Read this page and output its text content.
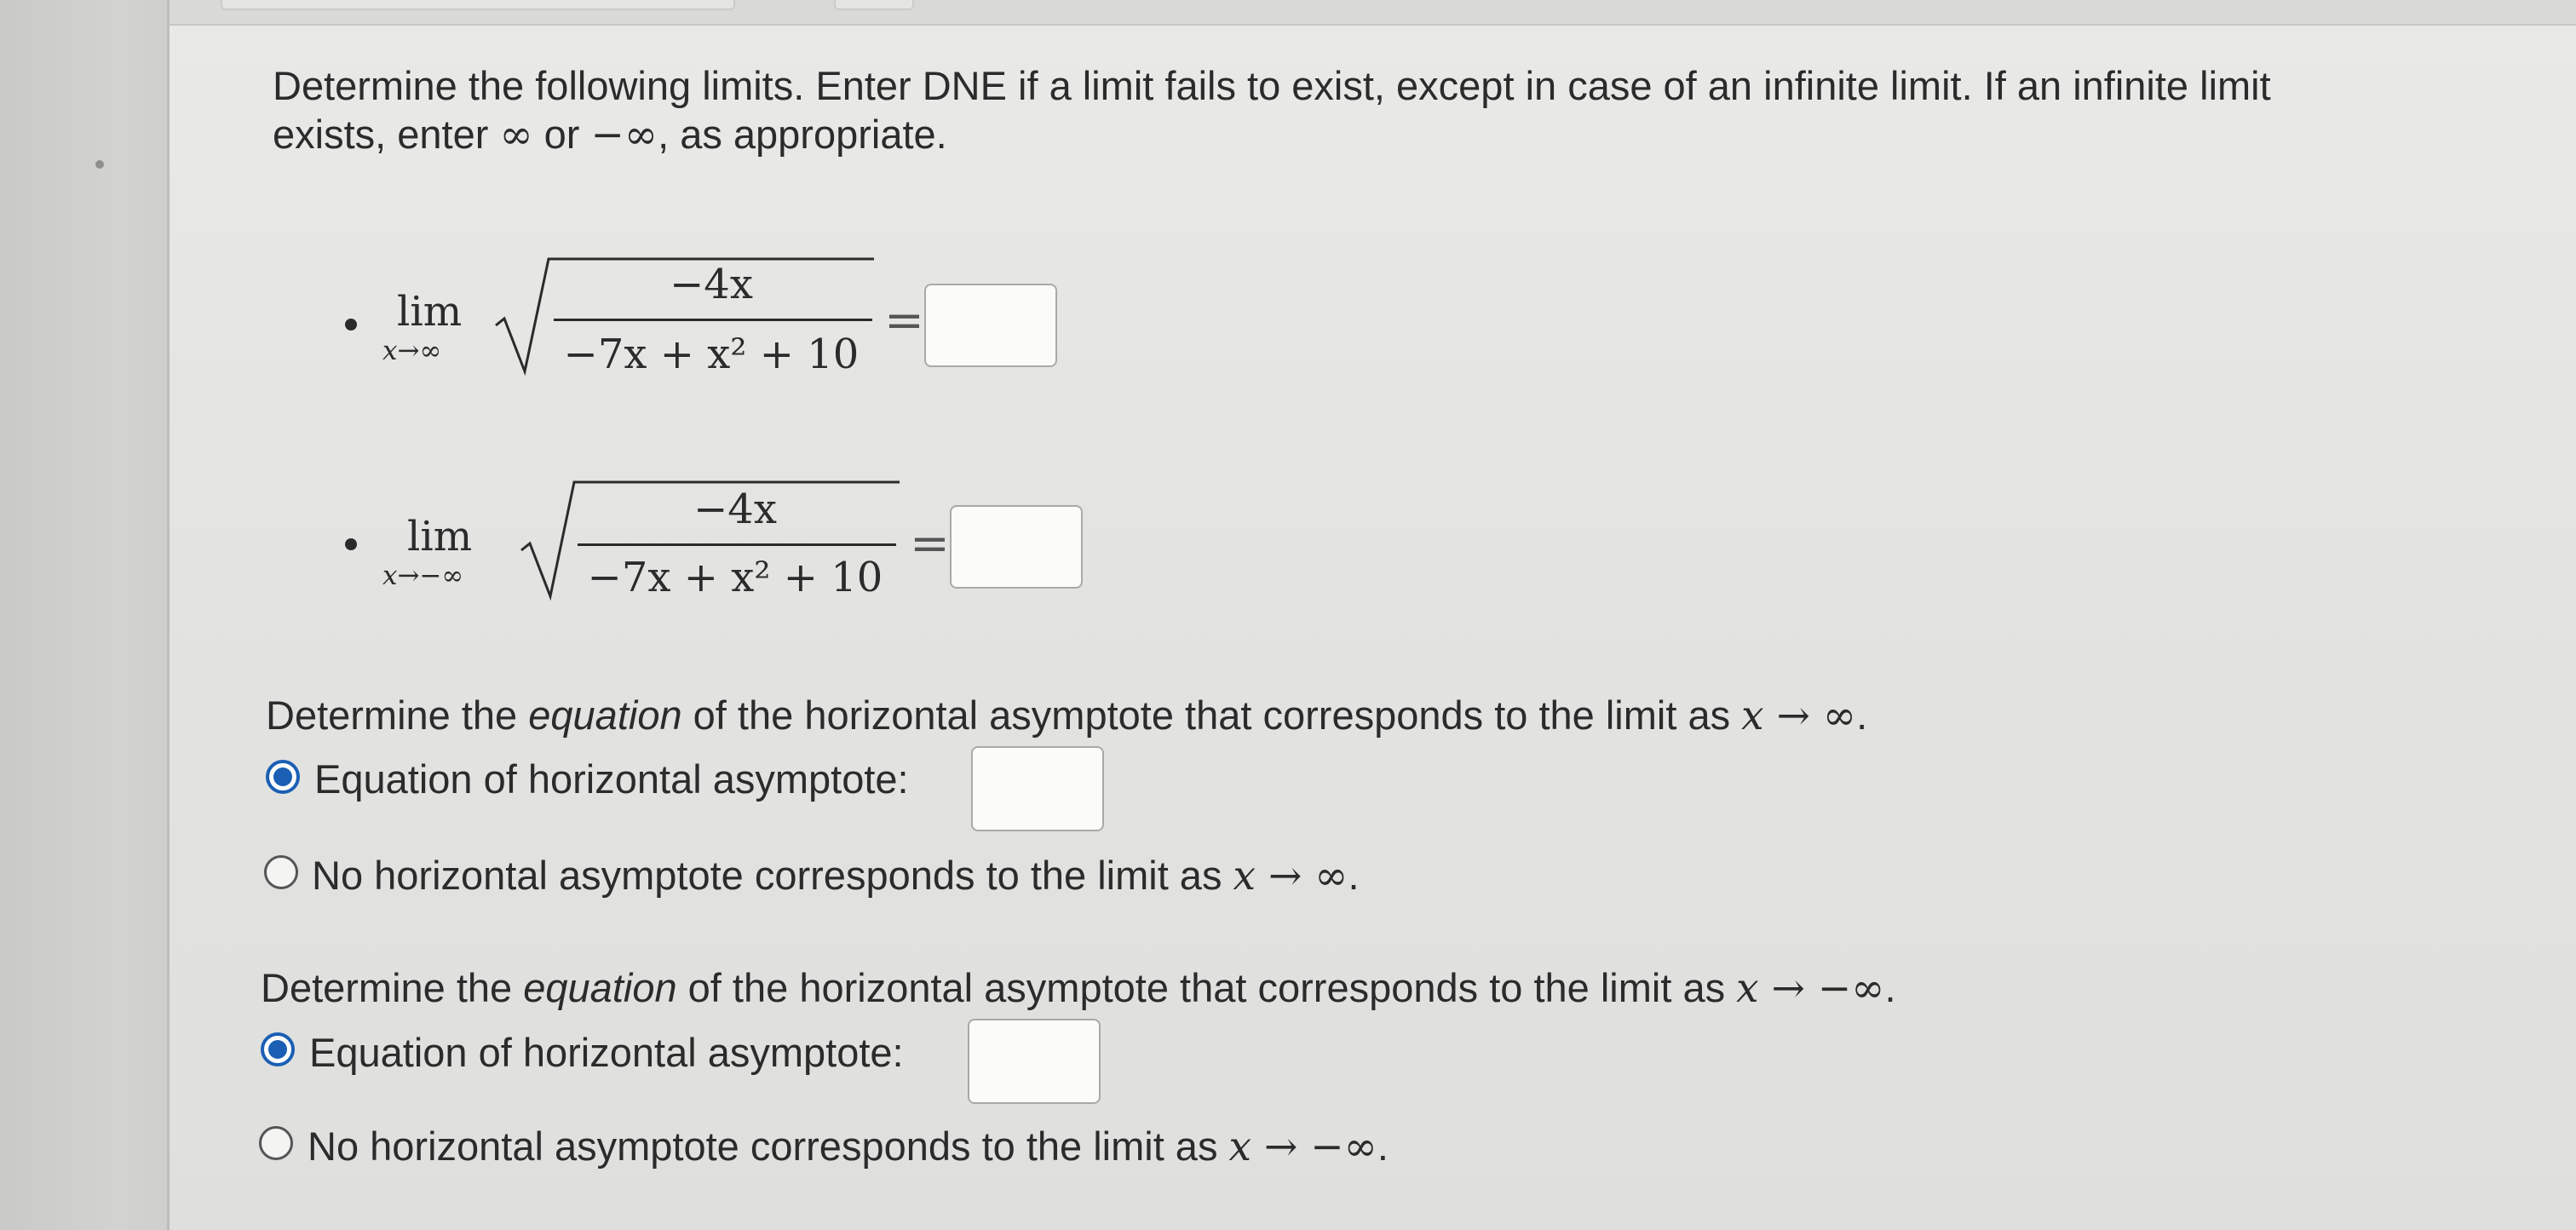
Determine the following limits. Enter DNE if a limit fails to exist, except in case of an infinite limit. If an infinite limit exists, enter ∞ or −∞, as appropriate.

lim
x→∞
−4x
−7x + x² + 10
=
lim
x→−∞
−4x
−7x + x² + 10
=
Determine the equation of the horizontal asymptote that corresponds to the limit as x → ∞.
Equation of horizontal asymptote:
No horizontal asymptote corresponds to the limit as x → ∞.
Determine the equation of the horizontal asymptote that corresponds to the limit as x → −∞.
Equation of horizontal asymptote:
No horizontal asymptote corresponds to the limit as x → −∞.
